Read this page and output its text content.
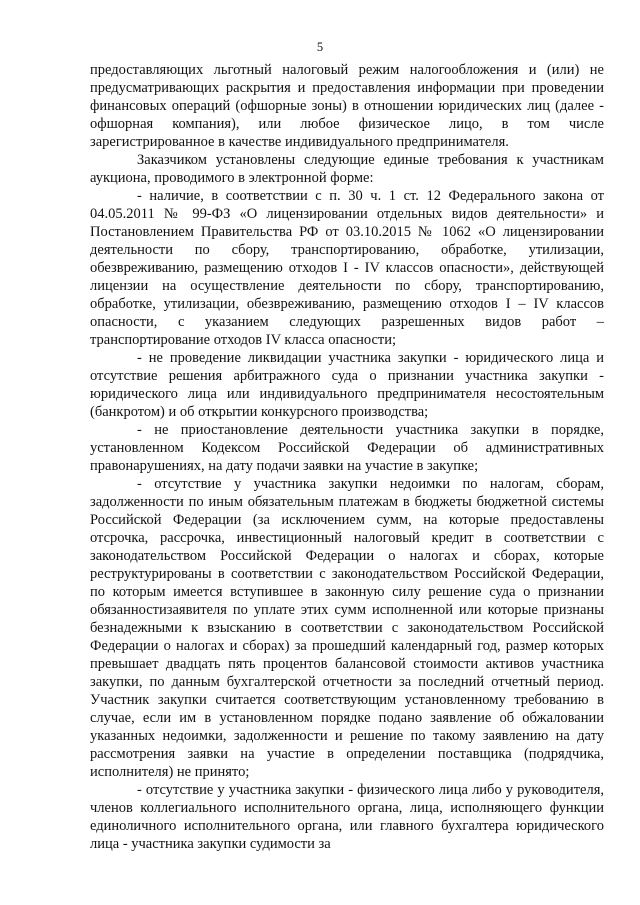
5

предоставляющих льготный налоговый режим налогообложения и (или) не предусматривающих раскрытия и предоставления информации при проведении финансовых операций (офшорные зоны) в отношении юридических лиц (далее - офшорная компания), или любое физическое лицо, в том числе зарегистрированное в качестве индивидуального предпринимателя.

Заказчиком установлены следующие единые требования к участникам аукциона, проводимого в электронной форме:

- наличие, в соответствии с п. 30 ч. 1 ст. 12 Федерального закона от 04.05.2011 № 99-ФЗ «О лицензировании отдельных видов деятельности» и Постановлением Правительства РФ от 03.10.2015 № 1062 «О лицензировании деятельности по сбору, транспортированию, обработке, утилизации, обезвреживанию, размещению отходов I - IV классов опасности», действующей лицензии на осуществление деятельности по сбору, транспортированию, обработке, утилизации, обезвреживанию, размещению отходов I – IV классов опасности, с указанием следующих разрешенных видов работ – транспортирование отходов IV класса опасности;

- не проведение ликвидации участника закупки - юридического лица и отсутствие решения арбитражного суда о признании участника закупки - юридического лица или индивидуального предпринимателя несостоятельным (банкротом) и об открытии конкурсного производства;

- не приостановление деятельности участника закупки в порядке, установленном Кодексом Российской Федерации об административных правонарушениях, на дату подачи заявки на участие в закупке;

- отсутствие у участника закупки недоимки по налогам, сборам, задолженности по иным обязательным платежам в бюджеты бюджетной системы Российской Федерации (за исключением сумм, на которые предоставлены отсрочка, рассрочка, инвестиционный налоговый кредит в соответствии с законодательством Российской Федерации о налогах и сборах, которые реструктурированы в соответствии с законодательством Российской Федерации, по которым имеется вступившее в законную силу решение суда о признании обязанностизаявителя по уплате этих сумм исполненной или которые признаны безнадежными к взысканию в соответствии с законодательством Российской Федерации о налогах и сборах) за прошедший календарный год, размер которых превышает двадцать пять процентов балансовой стоимости активов участника закупки, по данным бухгалтерской отчетности за последний отчетный период. Участник закупки считается соответствующим установленному требованию в случае, если им в установленном порядке подано заявление об обжаловании указанных недоимки, задолженности и решение по такому заявлению на дату рассмотрения заявки на участие в определении поставщика (подрядчика, исполнителя) не принято;

- отсутствие у участника закупки - физического лица либо у руководителя, членов коллегиального исполнительного органа, лица, исполняющего функции единоличного исполнительного органа, или главного бухгалтера юридического лица - участника закупки судимости за
